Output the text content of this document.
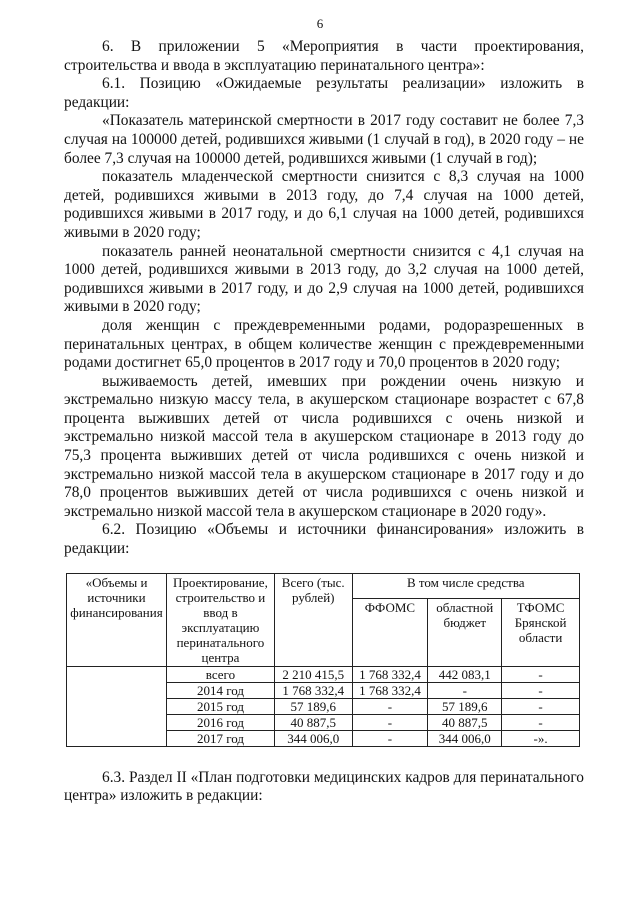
6

6. В приложении 5 «Мероприятия в части проектирования, строительства и ввода в эксплуатацию перинатального центра»:

6.1. Позицию «Ожидаемые результаты реализации» изложить в редакции:

«Показатель материнской смертности в 2017 году составит не более 7,3 случая на 100000 детей, родившихся живыми (1 случай в год), в 2020 году – не более 7,3 случая на 100000 детей, родившихся живыми (1 случай в год);

показатель младенческой смертности снизится с 8,3 случая на 1000 детей, родившихся живыми в 2013 году, до 7,4 случая на 1000 детей, родившихся живыми в 2017 году, и до 6,1 случая на 1000 детей, родившихся живыми в 2020 году;

показатель ранней неонатальной смертности снизится с 4,1 случая на 1000 детей, родившихся живыми в 2013 году, до 3,2 случая на 1000 детей, родившихся живыми в 2017 году, и до 2,9 случая на 1000 детей, родившихся живыми в 2020 году;

доля женщин с преждевременными родами, родоразрешенных в перинатальных центрах, в общем количестве женщин с преждевременными родами достигнет 65,0 процентов в 2017 году и 70,0 процентов в 2020 году;

выживаемость детей, имевших при рождении очень низкую и экстремально низкую массу тела, в акушерском стационаре возрастет с 67,8 процента выживших детей от числа родившихся с очень низкой и экстремально низкой массой тела в акушерском стационаре в 2013 году до 75,3 процента выживших детей от числа родившихся с очень низкой и экстремально низкой массой тела в акушерском стационаре в 2017 году и до 78,0 процентов выживших детей от числа родившихся с очень низкой и экстремально низкой массой тела в акушерском стационаре в 2020 году».

6.2. Позицию «Объемы и источники финансирования» изложить в редакции:

«Объемы и источники финансирования	Проектирование, строительство и ввод в эксплуатацию перинатального центра	Всего (тыс. рублей)	В том числе средства		
			ФФОМС	областной бюджет	ТФОМС Брянской области
	всего	2 210 415,5	1 768 332,4	442 083,1	-
	2014 год	1 768 332,4	1 768 332,4	-	-
	2015 год	57 189,6	-	57 189,6	-
	2016 год	40 887,5	-	40 887,5	-
	2017 год	344 006,0	-	344 006,0	-».

6.3. Раздел II «План подготовки медицинских кадров для перинатального центра» изложить в редакции:
